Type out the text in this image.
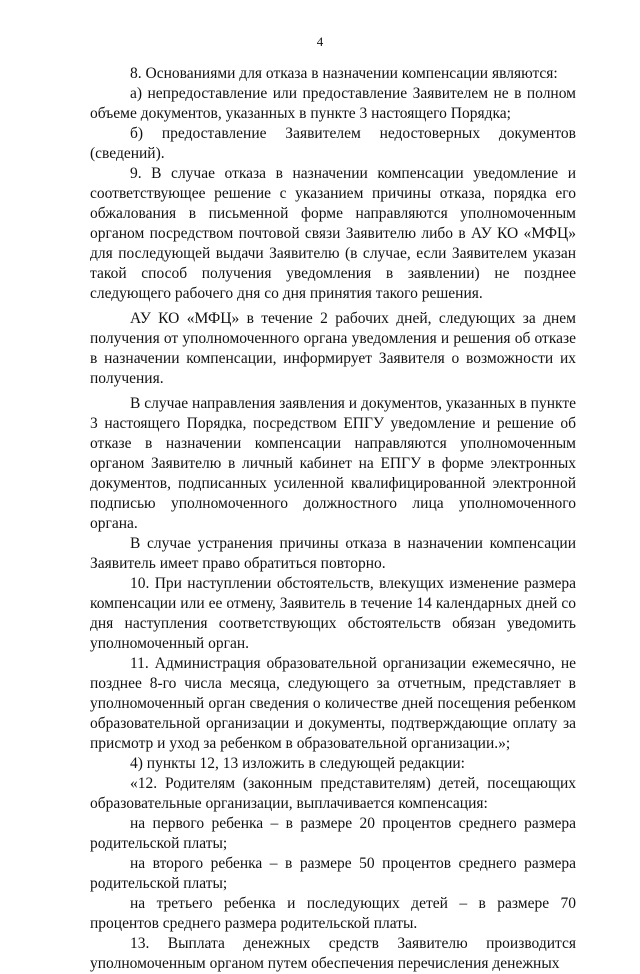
4

8. Основаниями для отказа в назначении компенсации являются:

а) непредоставление или предоставление Заявителем не в полном объеме документов, указанных в пункте 3 настоящего Порядка;

б) предоставление Заявителем недостоверных документов (сведений).

9. В случае отказа в назначении компенсации уведомление и соответствующее решение с указанием причины отказа, порядка его обжалования в письменной форме направляются уполномоченным органом посредством почтовой связи Заявителю либо в АУ КО «МФЦ» для последующей выдачи Заявителю (в случае, если Заявителем указан такой способ получения уведомления в заявлении) не позднее следующего рабочего дня со дня принятия такого решения.

АУ КО «МФЦ» в течение 2 рабочих дней, следующих за днем получения от уполномоченного органа уведомления и решения об отказе в назначении компенсации, информирует Заявителя о возможности их получения.

В случае направления заявления и документов, указанных в пункте 3 настоящего Порядка, посредством ЕПГУ уведомление и решение об отказе в назначении компенсации направляются уполномоченным органом Заявителю в личный кабинет на ЕПГУ в форме электронных документов, подписанных усиленной квалифицированной электронной подписью уполномоченного должностного лица уполномоченного органа.

В случае устранения причины отказа в назначении компенсации Заявитель имеет право обратиться повторно.

10. При наступлении обстоятельств, влекущих изменение размера компенсации или ее отмену, Заявитель в течение 14 календарных дней со дня наступления соответствующих обстоятельств обязан уведомить уполномоченный орган.

11. Администрация образовательной организации ежемесячно, не позднее 8-го числа месяца, следующего за отчетным, представляет в уполномоченный орган сведения о количестве дней посещения ребенком образовательной организации и документы, подтверждающие оплату за присмотр и уход за ребенком в образовательной организации.»;

4) пункты 12, 13 изложить в следующей редакции:

«12. Родителям (законным представителям) детей, посещающих образовательные организации, выплачивается компенсация:

на первого ребенка – в размере 20 процентов среднего размера родительской платы;

на второго ребенка – в размере 50 процентов среднего размера родительской платы;

на третьего ребенка и последующих детей – в размере 70 процентов среднего размера родительской платы.

13. Выплата денежных средств Заявителю производится уполномоченным органом путем обеспечения перечисления денежных
